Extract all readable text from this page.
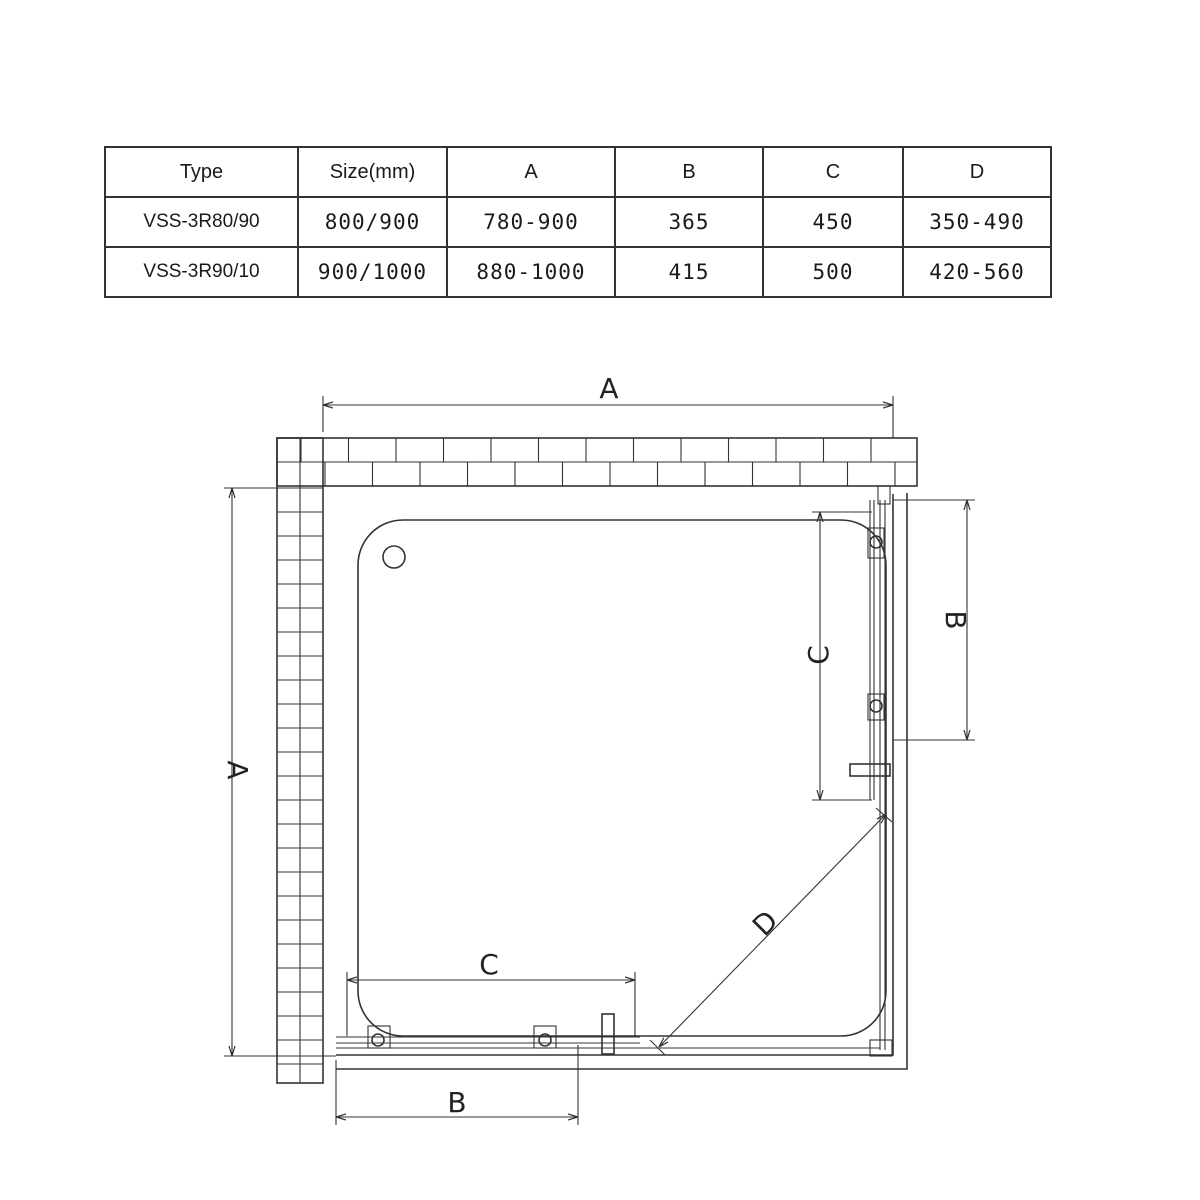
Type	Size(mm)	A	B	C	D
VSS-3R80/90	800/900	780-900	365	450	350-490
VSS-3R90/10	900/1000	880-1000	415	500	420-560
A
A
B
C
C
B
D
